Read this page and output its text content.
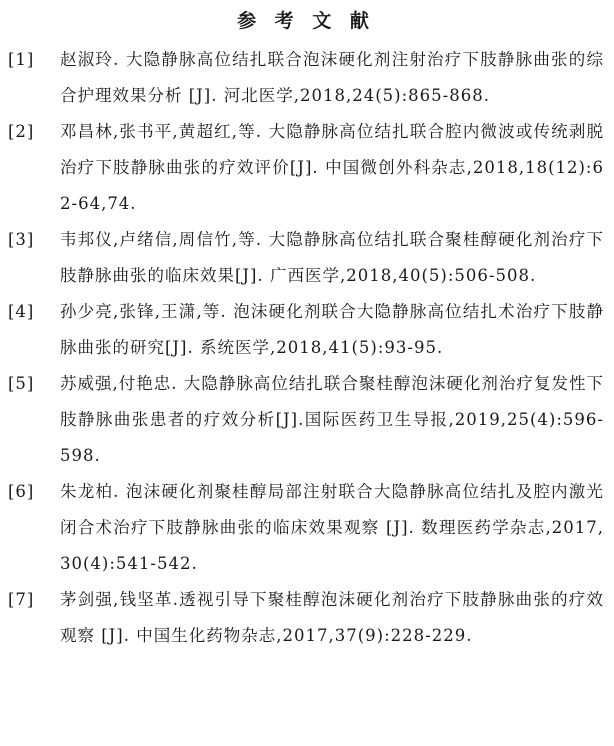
参 考 文 献
[1]	赵淑玲. 大隐静脉高位结扎联合泡沫硬化剂注射治疗下肢静脉曲张的综合护理效果分析 [J]. 河北医学,2018,24(5):865-868.
[2]	邓昌林,张书平,黄超红,等. 大隐静脉高位结扎联合腔内微波或传统剥脱治疗下肢静脉曲张的疗效评价[J]. 中国微创外科杂志,2018,18(12):62-64,74.
[3]	韦邦仪,卢绪信,周信竹,等. 大隐静脉高位结扎联合聚桂醇硬化剂治疗下肢静脉曲张的临床效果[J]. 广西医学,2018,40(5):506-508.
[4]	孙少亮,张锋,王潇,等. 泡沫硬化剂联合大隐静脉高位结扎术治疗下肢静脉曲张的研究[J]. 系统医学,2018,41(5):93-95.
[5]	苏威强,付艳忠. 大隐静脉高位结扎联合聚桂醇泡沫硬化剂治疗复发性下肢静脉曲张患者的疗效分析[J].国际医药卫生导报,2019,25(4):596-598.
[6]	朱龙柏. 泡沫硬化剂聚桂醇局部注射联合大隐静脉高位结扎及腔内激光闭合术治疗下肢静脉曲张的临床效果观察 [J]. 数理医药学杂志,2017,30(4):541-542.
[7]	茅剑强,钱坚革.透视引导下聚桂醇泡沫硬化剂治疗下肢静脉曲张的疗效观察 [J]. 中国生化药物杂志,2017,37(9):228-229.
